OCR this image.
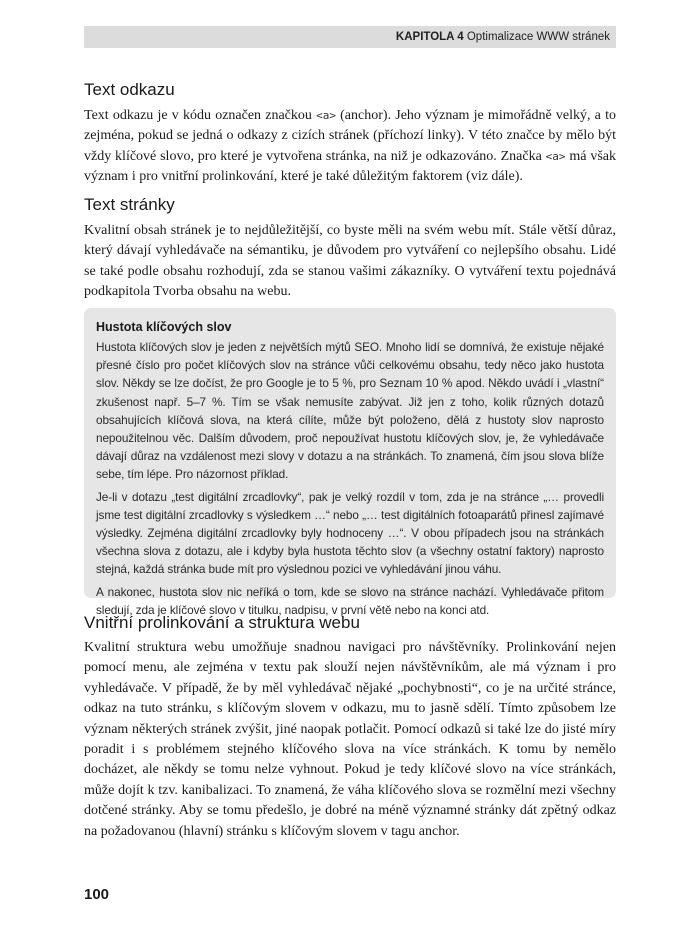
KAPITOLA 4 Optimalizace WWW stránek
Text odkazu

Text odkazu je v kódu označen značkou <a> (anchor). Jeho význam je mimořádně velký, a to zejména, pokud se jedná o odkazy z cizích stránek (příchozí linky). V této značce by mělo být vždy klíčové slovo, pro které je vytvořena stránka, na niž je odkazováno. Značka <a> má však význam i pro vnitřní prolinkování, které je také důležitým faktorem (viz dále).

Text stránky

Kvalitní obsah stránek je to nejdůležitější, co byste měli na svém webu mít. Stále větší důraz, který dávají vyhledávače na sémantiku, je důvodem pro vytváření co nejlepšího obsahu. Lidé se také podle obsahu rozhodují, zda se stanou vašimi zákazníky. O vytváření textu pojednává podkapitola Tvorba obsahu na webu.

Hustota klíčových slov

Hustota klíčových slov je jeden z největších mýtů SEO. Mnoho lidí se domnívá, že existuje nějaké přesné číslo pro počet klíčových slov na stránce vůči celkovému obsahu, tedy něco jako hustota slov. Někdy se lze dočíst, že pro Google je to 5 %, pro Seznam 10 % apod. Někdo uvádí i „vlastní“ zkušenost např. 5–7 %. Tím se však nemusíte zabývat. Již jen z toho, kolik různých dotazů obsahujících klíčová slova, na která cílíte, může být položeno, dělá z hustoty slov naprosto nepoužitelnou věc. Dalším důvodem, proč nepoužívat hustotu klíčových slov, je, že vyhledávače dávají důraz na vzdálenost mezi slovy v dotazu a na stránkách. To znamená, čím jsou slova blíže sebe, tím lépe. Pro názornost příklad.

Je-li v dotazu „test digitální zrcadlovky“, pak je velký rozdíl v tom, zda je na stránce „… provedli jsme test digitální zrcadlovky s výsledkem …“ nebo „… test digitálních fotoaparátů přinesl zajímavé výsledky. Zejména digitální zrcadlovky byly hodnoceny …“. V obou případech jsou na stránkách všechna slova z dotazu, ale i kdyby byla hustota těchto slov (a všechny ostatní faktory) naprosto stejná, každá stránka bude mít pro výslednou pozici ve vyhledávání jinou váhu.

A nakonec, hustota slov nic neříká o tom, kde se slovo na stránce nachází. Vyhledávače přitom sledují, zda je klíčové slovo v titulku, nadpisu, v první větě nebo na konci atd.

Vnitřní prolinkování a struktura webu

Kvalitní struktura webu umožňuje snadnou navigaci pro návštěvníky. Prolinkování nejen pomocí menu, ale zejména v textu pak slouží nejen návštěvníkům, ale má význam i pro vyhledávače. V případě, že by měl vyhledávač nějaké „pochybnosti“, co je na určité stránce, odkaz na tuto stránku, s klíčovým slovem v odkazu, mu to jasně sdělí. Tímto způsobem lze význam některých stránek zvýšit, jiné naopak potlačit. Pomocí odkazů si také lze do jisté míry poradit i s problémem stejného klíčového slova na více stránkách. K tomu by nemělo docházet, ale někdy se tomu nelze vyhnout. Pokud je tedy klíčové slovo na více stránkách, může dojít k tzv. kanibalizaci. To znamená, že váha klíčového slova se rozmělní mezi všechny dotčené stránky. Aby se tomu předešlo, je dobré na méně významné stránky dát zpětný odkaz na požadovanou (hlavní) stránku s klíčovým slovem v tagu anchor.

100
